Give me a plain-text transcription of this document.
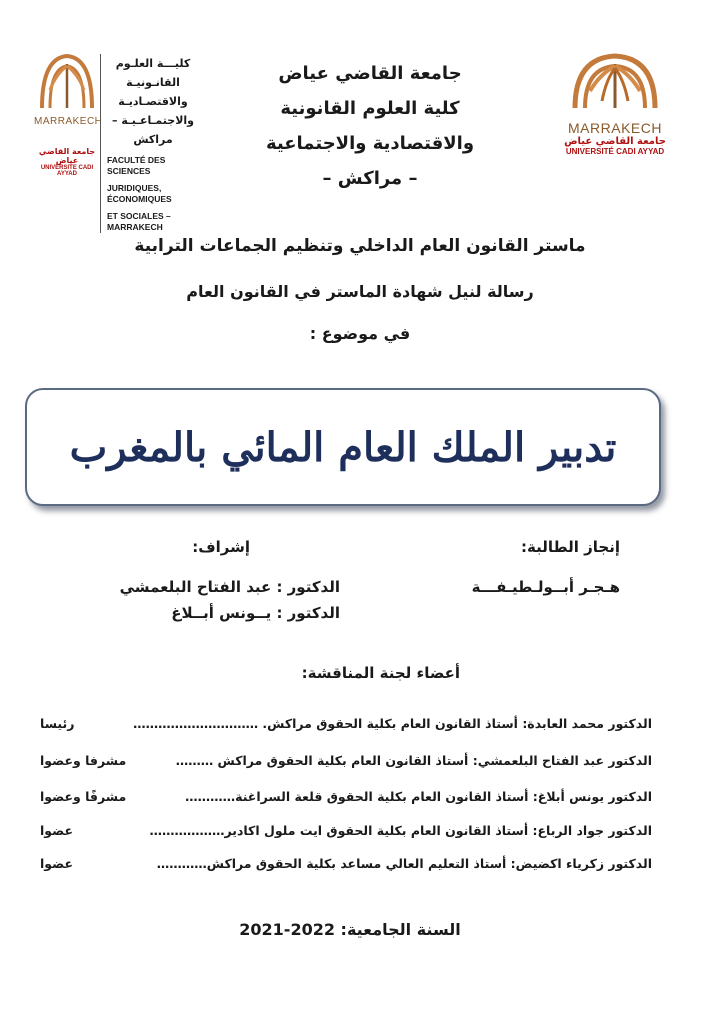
جامعة القاضي عياض
كلية العلوم القانونية
والاقتصادية والاجتماعية
– مراكش –
MARRAKECH
جامعة القاضي عياض
UNIVERSITÉ CADI AYYAD
MARRAKECH
جامعة القاضي عياض
UNIVERSITE CADI AYYAD
كليـــة العلـوم
القانـونيـة والاقتصـاديـة
والاجتمـاعـيـة – مراكش
FACULTÉ DES SCIENCES
JURIDIQUES, ÉCONOMIQUES
ET SOCIALES – MARRAKECH
ماستر القانون العام الداخلي وتنظيم الجماعات الترابية
رسالة لنيل شهادة الماستر في القانون العام
في موضوع :
تدبير الملك العام المائي بالمغرب
إنجاز الطالبة:
هـجـر أبــولـطيـفـــة
إشراف:
الدكتور : عبد الفتاح البلعمشي
الدكتور : يــونس أبــلاغ
أعضاء لجنة المناقشة:
الدكتور محمد العابدة: أستاذ القانون العام بكلية الحقوق مراكش. …………………………
رئيسا
الدكتور عبد الفتاح البلعمشي: أستاذ القانون العام بكلية الحقوق مراكش ………
مشرفا وعضوا
الدكتور يونس أبلاغ: أستاذ القانون العام بكلية الحقوق قلعة السراغنة…………
مشرفًا وعضوا
الدكتور جواد الرباع: أستاذ القانون العام بكلية الحقوق ايت ملول اكادير………………
عضوا
الدكتور زكرياء اكضيض: أستاذ التعليم العالي مساعد بكلية الحقوق مراكش…………
عضوا
السنة الجامعية: 2021-2022
